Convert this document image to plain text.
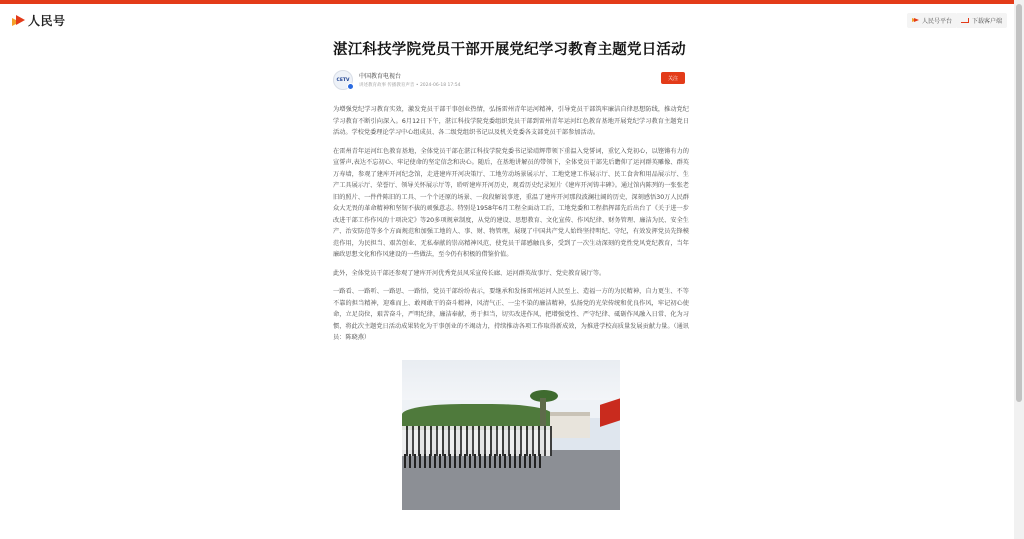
人民号	人民号平台	下载客户端
湛江科技学院党员干部开展党纪学习教育主题党日活动
CETV 中国教育电视台
讲述教育故事 传播教育声音 • 2024-06-18 17:54
关注

为增强党纪学习教育实效，激发党员干部干事创业热情，弘扬雷州青年运河精神，引导党员干部筑牢廉洁自律思想防线，推动党纪学习教育不断引向深入。6月12日下午，湛江科技学院党委组织党员干部到雷州青年运河红色教育基地开展党纪学习教育主题党日活动。学校党委理论学习中心组成员、各二级党组织书记以及机关党委各支部党员干部参加活动。

在雷州青年运河红色教育基地，全体党员干部在湛江科技学院党委书记梁靖辉带领下重温入党誓词，重忆入党初心，以铿锵有力的宣誓声,表达不忘初心、牢记使命的坚定信念和决心。随后，在基地讲解员的带领下，全体党员干部先后瞻仰了运河群英雕像、群英万寿墙，参观了建库开河纪念馆，走进建库开河决策厅、工地劳动场景展示厅、工地党建工作展示厅、民工食舍和用品展示厅、生产工具展示厅、荣誉厅、领导关怀展示厅等，聆听建库开河历史，观看历史纪录短片《建库开河铸丰碑》。通过馆内陈列的一张张老旧的照片、一件件陈旧的工具、一个个还原的场景、一段段解说事迹，重温了建库开河那段波澜壮阔的历史，深刻感悟30万人民群众大无畏的革命精神和坚韧不拔的顽强意志。特别是1958年6月工程全面动工后，工地党委和工程指挥部先后出台了《关于进一步改进干部工作作风的十项决定》等20多项规章制度，从党的建设、思想教育、文化宣传、作风纪律、财务管理、廉洁为民、安全生产、治安防范等多个方面规范和加强工地的人、事、财、物管理，展现了中国共产党人始终坚持明纪、守纪，有效发挥党员先锋模范作用，为民担当、艰苦创业、无私奉献的崇高精神风范，使党员干部感触良多，受到了一次生动深刻的党性党风党纪教育，当年廉政思想文化和作风建设的一些做法，至今仍有积极的借鉴价值。

此外，全体党员干部还参观了建库开河优秀党员风采宣传长廊、运河群英故事厅、党史教育展厅等。

一路看、一路听、一路思、一路悟，党员干部纷纷表示，要继承和发扬雷州运河人民至上、造福一方的为民精神，自力更生、不等不靠的担当精神，迎难而上、敢闯敢干的奋斗精神，风清气正、一尘不染的廉洁精神，弘扬党的光荣传统和优良作风，牢记初心使命，立足岗位，艰苦奋斗，严明纪律，廉洁奉献，勇于担当，切实改进作风，把增强党性、严守纪律、砥砺作风融入日常、化为习惯，将此次主题党日活动成果转化为干事创业的不竭动力，持续推动各项工作取得新成效，为推进学校高质量发展贡献力量。（通讯员：陈晓燕）
